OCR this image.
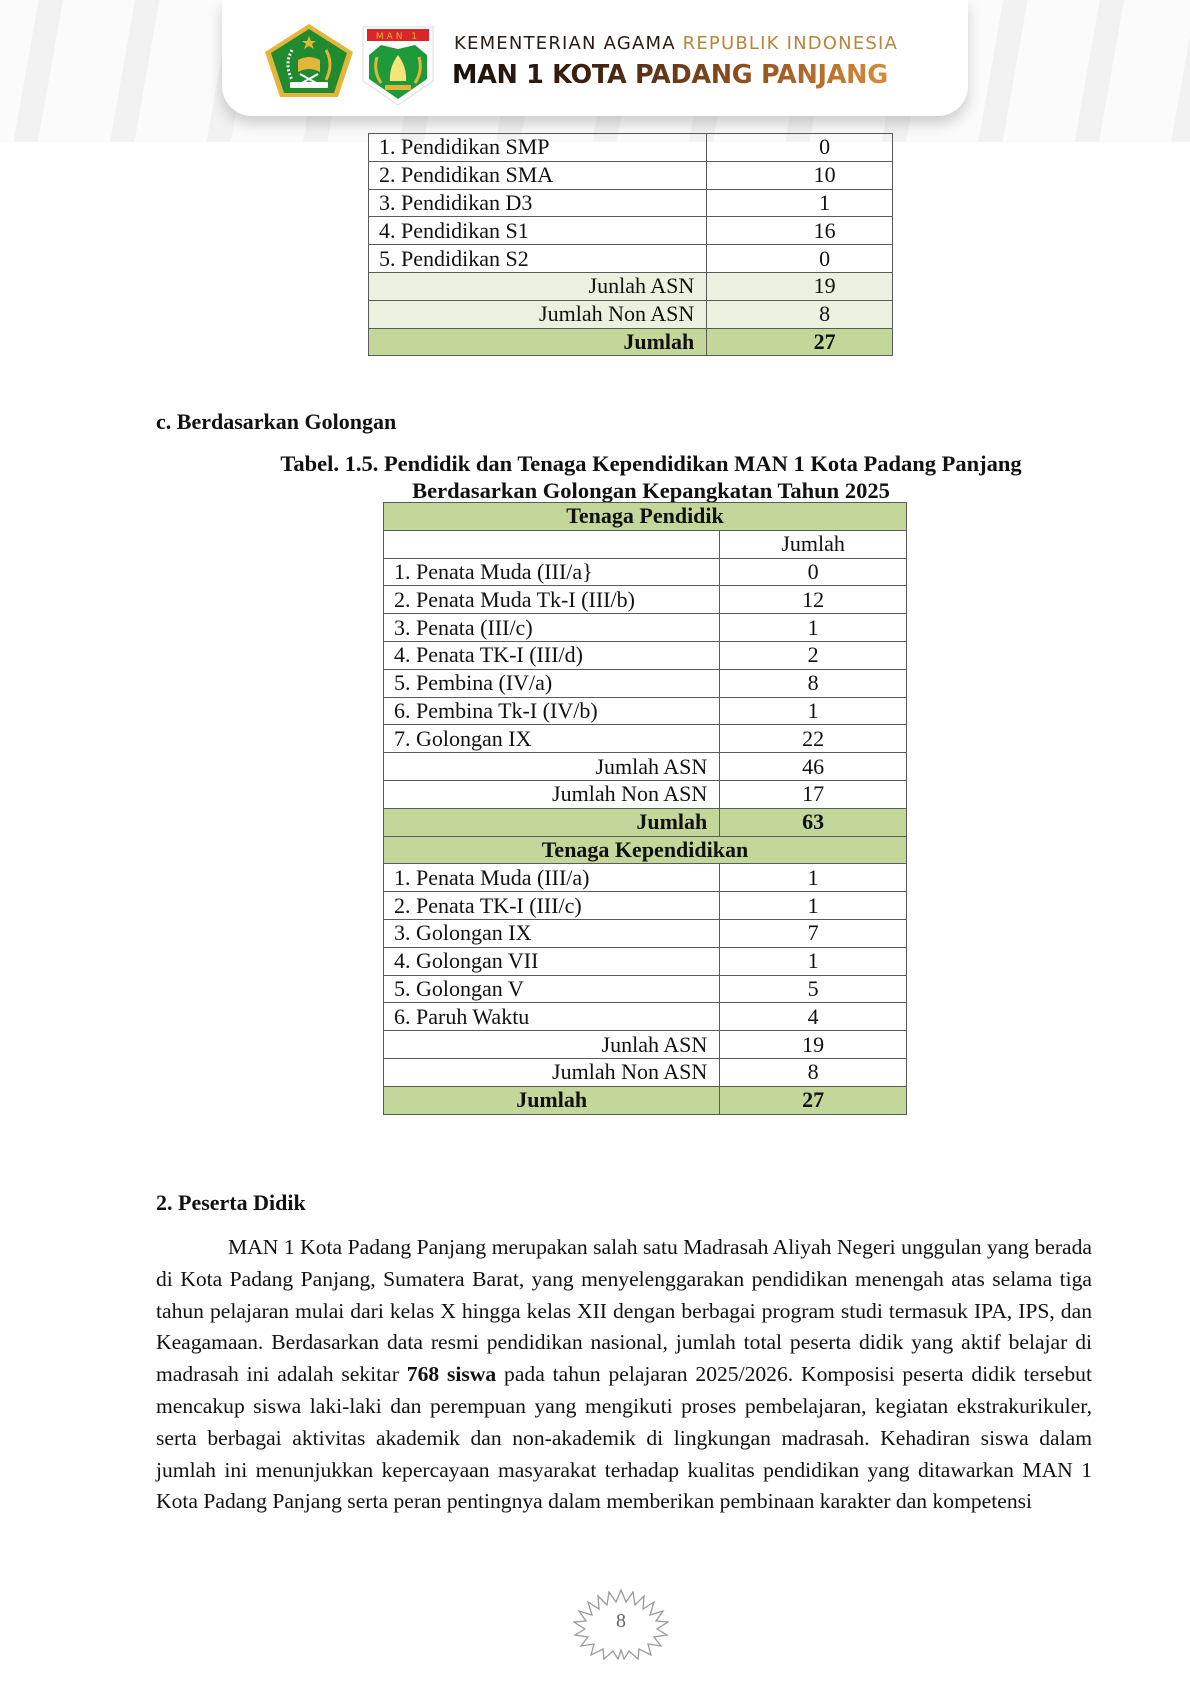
MAN 1 KEMENTERIAN AGAMA REPUBLIK INDONESIA
MAN 1 KOTA PADANG PANJANG
1. Pendidikan SMP	0
2. Pendidikan SMA	10
3. Pendidikan D3	1
4. Pendidikan S1	16
5. Pendidikan S2	0
Junlah ASN	19
Jumlah Non ASN	8
Jumlah	27
c. Berdasarkan Golongan
Tabel. 1.5. Pendidik dan Tenaga Kependidikan MAN 1 Kota Padang Panjang
Berdasarkan Golongan Kepangkatan Tahun 2025
Tenaga Pendidik	
	Jumlah
1. Penata Muda (III/a}	0
2. Penata Muda Tk-I (III/b)	12
3. Penata (III/c)	1
4. Penata TK-I (III/d)	2
5. Pembina (IV/a)	8
6. Pembina Tk-I (IV/b)	1
7. Golongan IX	22
Jumlah ASN	46
Jumlah Non ASN	17
Jumlah	63
Tenaga Kependidikan	
1. Penata Muda (III/a)	1
2. Penata TK-I (III/c)	1
3. Golongan IX	7
4. Golongan VII	1
5. Golongan V	5
6. Paruh Waktu	4
Junlah ASN	19
Jumlah Non ASN	8
Jumlah	27
2. Peserta Didik

MAN 1 Kota Padang Panjang merupakan salah satu Madrasah Aliyah Negeri unggulan yang berada di Kota Padang Panjang, Sumatera Barat, yang menyelenggarakan pendidikan menengah atas selama tiga tahun pelajaran mulai dari kelas X hingga kelas XII dengan berbagai program studi termasuk IPA, IPS, dan Keagamaan. Berdasarkan data resmi pendidikan nasional, jumlah total peserta didik yang aktif belajar di madrasah ini adalah sekitar 768 siswa pada tahun pelajaran 2025/2026. Komposisi peserta didik tersebut mencakup siswa laki-laki dan perempuan yang mengikuti proses pembelajaran, kegiatan ekstrakurikuler, serta berbagai aktivitas akademik dan non-akademik di lingkungan madrasah. Kehadiran siswa dalam jumlah ini menunjukkan kepercayaan masyarakat terhadap kualitas pendidikan yang ditawarkan MAN 1 Kota Padang Panjang serta peran pentingnya dalam memberikan pembinaan karakter dan kompetensi

8
